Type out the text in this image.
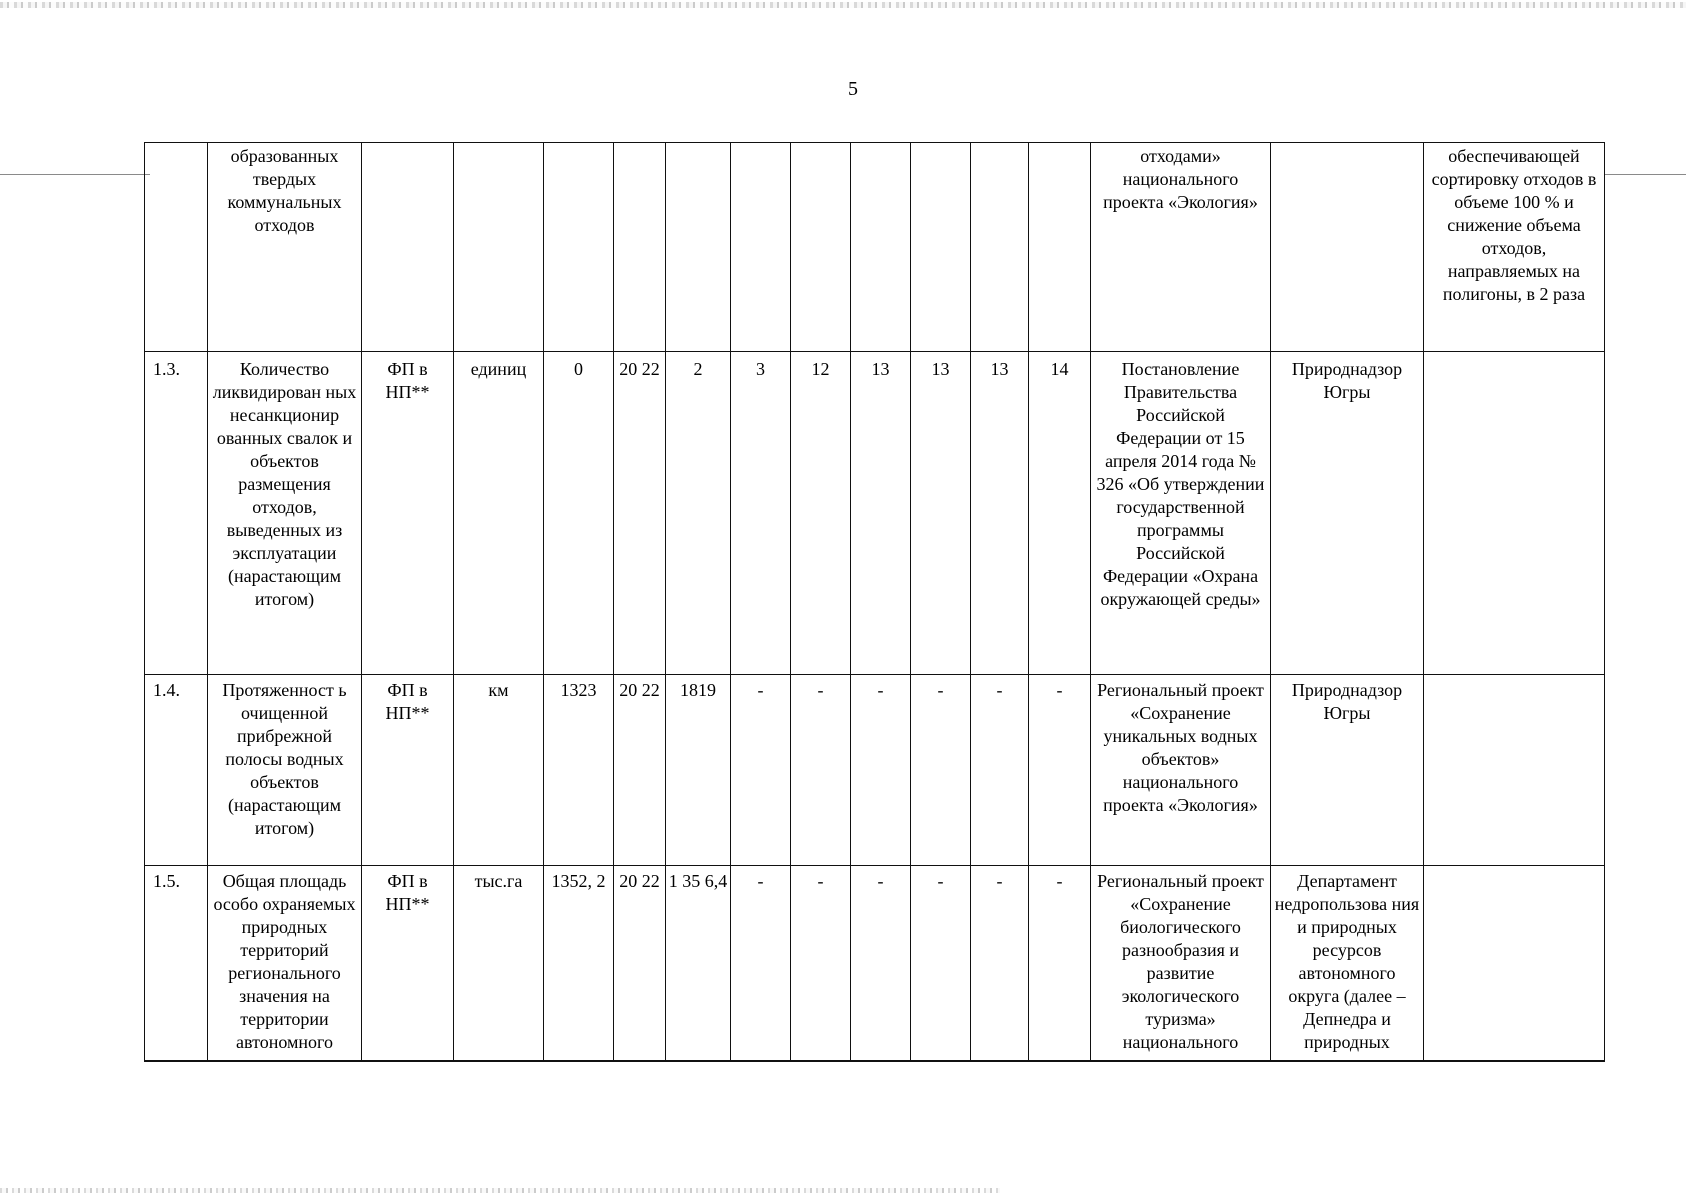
5
	образованных твердых коммунальных отходов												отходами» национального проекта «Экология»		обеспечивающей сортировку отходов в объеме 100 % и снижение объема отходов, направляемых на полигоны, в 2 раза
1.3.	Количество ликвидирован ных несанкционир ованных свалок и объектов размещения отходов, выведенных из эксплуатации (нарастающим итогом)	ФП в НП**	единиц	0	20 22	2	3	12	13	13	13	14	Постановление Правительства Российской Федерации от 15 апреля 2014 года № 326 «Об утверждении государственной программы Российской Федерации «Охрана окружающей среды»	Природнадзор Югры	
1.4.	Протяженност ь очищенной прибрежной полосы водных объектов (нарастающим итогом)	ФП в НП**	км	1323	20 22	1819	-	-	-	-	-	-	Региональный проект «Сохранение уникальных водных объектов» национального проекта «Экология»	Природнадзор Югры	
1.5.	Общая площадь особо охраняемых природных территорий регионального значения на территории автономного	ФП в НП**	тыс.га	1352, 2	20 22	1 35 6,4	-	-	-	-	-	-	Региональный проект «Сохранение биологического разнообразия и развитие экологического туризма» национального	Департамент недропользова ния и природных ресурсов автономного округа (далее – Депнедра и природных	
